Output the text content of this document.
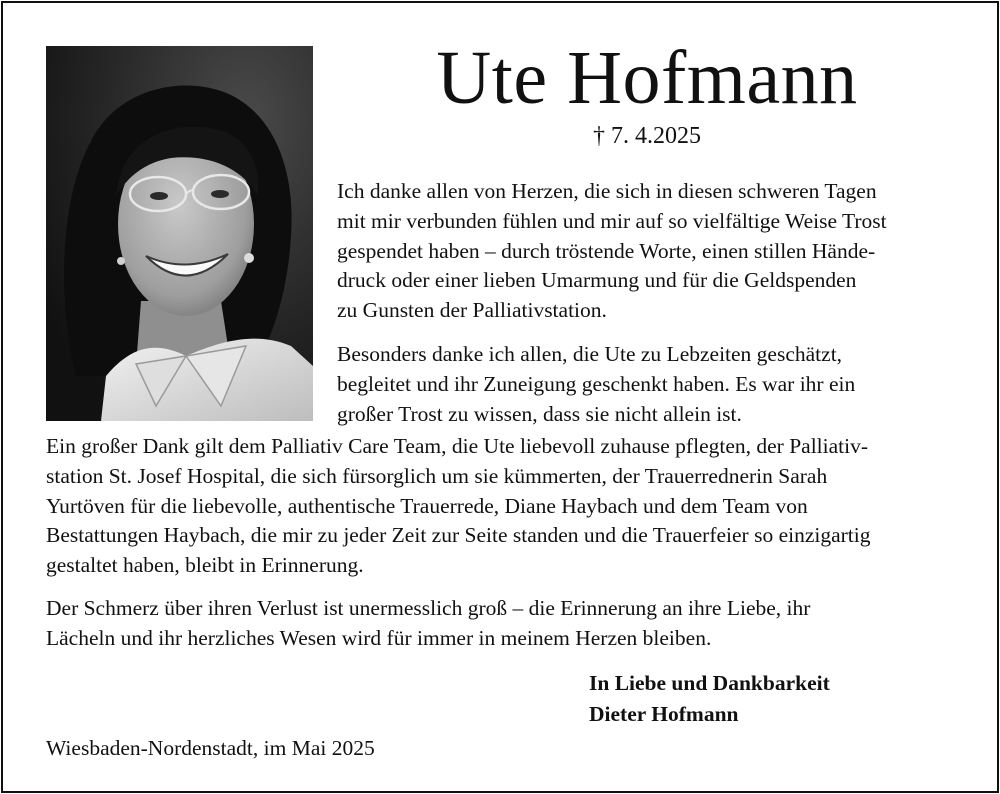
Ute Hofmann
† 7. 4.2025

Ich danke allen von Herzen, die sich in diesen schweren Tagen
mit mir verbunden fühlen und mir auf so vielfältige Weise Trost
gespendet haben – durch tröstende Worte, einen stillen Hände-
druck oder einer lieben Umarmung und für die Geldspenden
zu Gunsten der Palliativstation.

Besonders danke ich allen, die Ute zu Lebzeiten geschätzt,
begleitet und ihr Zuneigung geschenkt haben. Es war ihr ein
großer Trost zu wissen, dass sie nicht allein ist.

Ein großer Dank gilt dem Palliativ Care Team, die Ute liebevoll zuhause pflegten, der Palliativ-
station St. Josef Hospital, die sich fürsorglich um sie kümmerten, der Trauerrednerin Sarah
Yurtöven für die liebevolle, authentische Trauerrede, Diane Haybach und dem Team von
Bestattungen Haybach, die mir zu jeder Zeit zur Seite standen und die Trauerfeier so einzigartig
gestaltet haben, bleibt in Erinnerung.

Der Schmerz über ihren Verlust ist unermesslich groß – die Erinnerung an ihre Liebe, ihr
Lächeln und ihr herzliches Wesen wird für immer in meinem Herzen bleiben.

In Liebe und Dankbarkeit
Dieter Hofmann
Wiesbaden-Nordenstadt, im Mai 2025
